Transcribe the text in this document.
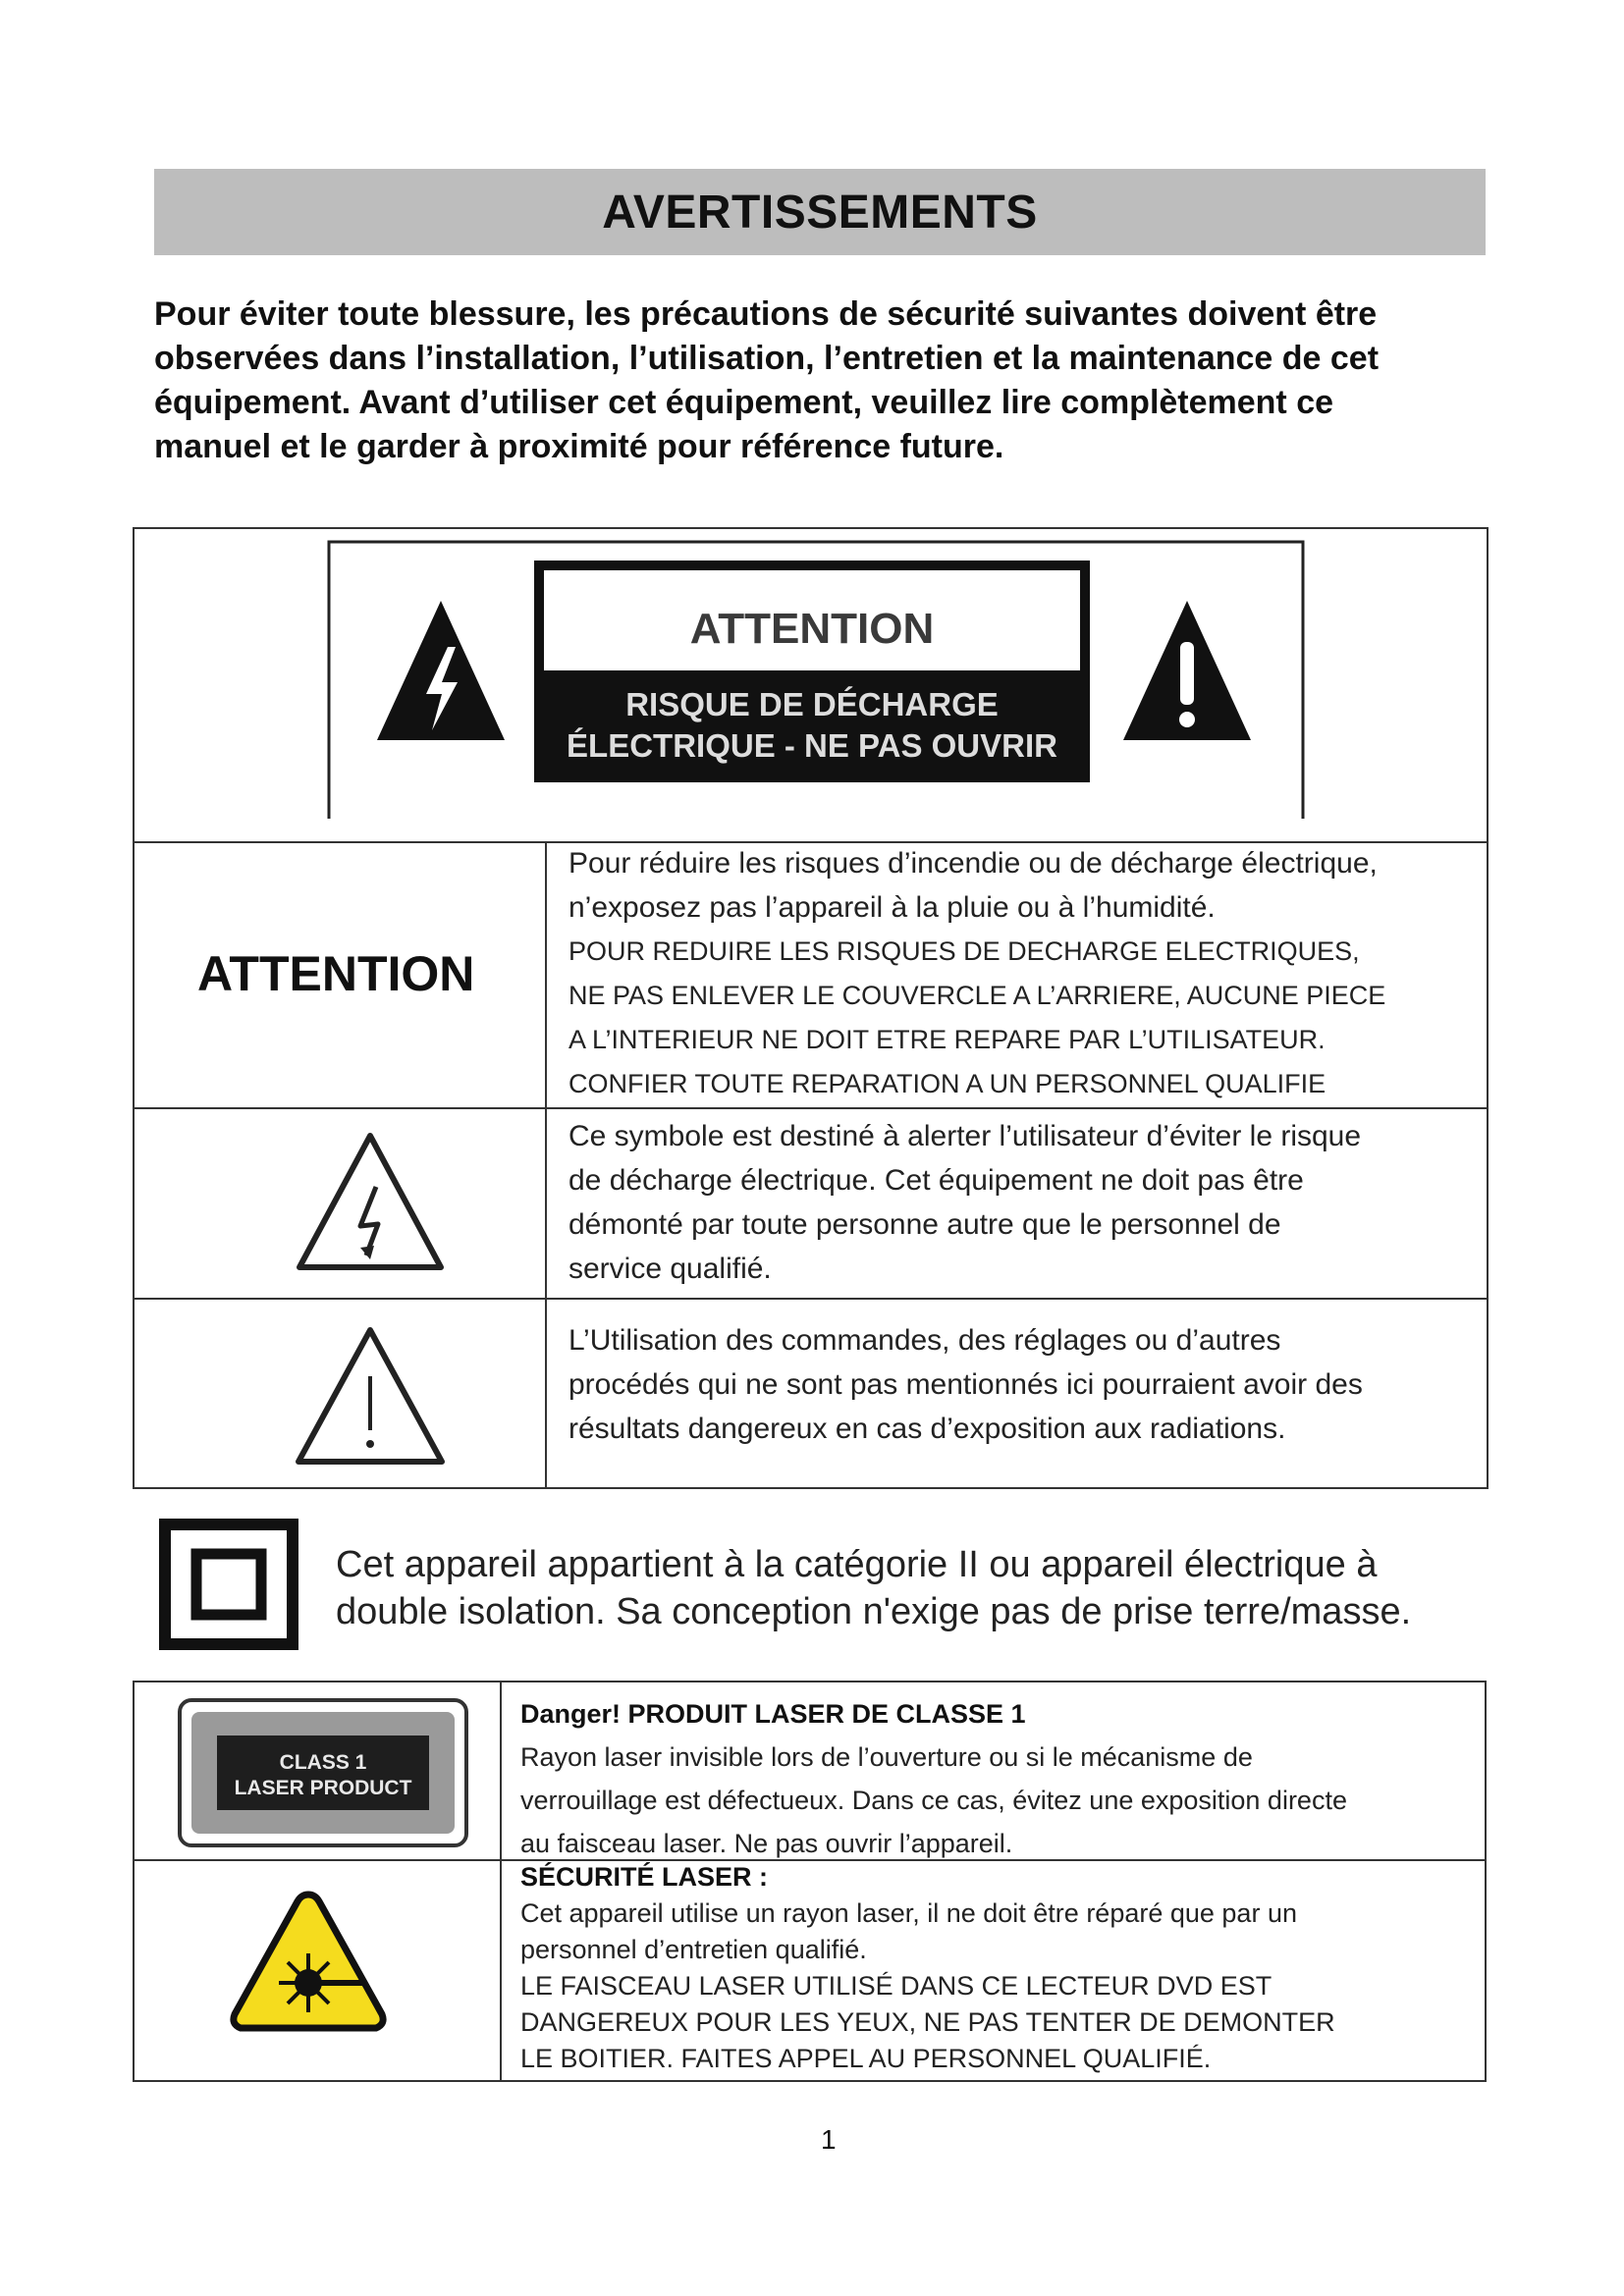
AVERTISSEMENTS

Pour éviter toute blessure, les précautions de sécurité suivantes doivent être

observées dans l’installation, l’utilisation, l’entretien et la maintenance de cet

équipement. Avant d’utiliser cet équipement, veuillez lire complètement ce

manuel et le garder à proximité pour référence future.

ATTENTION
RISQUE DE DÉCHARGE
ÉLECTRIQUE - NE PAS OUVRIR
ATTENTION
Pour réduire les risques d’incendie ou de décharge électrique,
n’exposez pas l’appareil à la pluie ou à l’humidité.
POUR REDUIRE LES RISQUES DE DECHARGE ELECTRIQUES,
NE PAS ENLEVER LE COUVERCLE A L’ARRIERE, AUCUNE PIECE
A L’INTERIEUR NE DOIT ETRE REPARE PAR L’UTILISATEUR.
CONFIER TOUTE REPARATION A UN PERSONNEL QUALIFIE
Ce symbole est destiné à alerter l’utilisateur d’éviter le risque
de décharge électrique. Cet équipement ne doit pas être
démonté par toute personne autre que le personnel de
service qualifié.
L’Utilisation des commandes, des réglages ou d’autres
procédés qui ne sont pas mentionnés ici pourraient avoir des
résultats dangereux en cas d’exposition aux radiations.
Cet appareil appartient à la catégorie II ou appareil électrique à
double isolation. Sa conception n'exige pas de prise terre/masse.
CLASS 1
LASER PRODUCT
Danger! PRODUIT LASER DE CLASSE 1
Rayon laser invisible lors de l’ouverture ou si le mécanisme de
verrouillage est défectueux. Dans ce cas, évitez une exposition directe
au faisceau laser. Ne pas ouvrir l’appareil.
SÉCURITÉ LASER :
Cet appareil utilise un rayon laser, il ne doit être réparé que par un
personnel d’entretien qualifié.
LE FAISCEAU LASER UTILISÉ DANS CE LECTEUR DVD EST
DANGEREUX POUR LES YEUX, NE PAS TENTER DE DEMONTER
LE BOITIER. FAITES APPEL AU PERSONNEL QUALIFIÉ.
1
